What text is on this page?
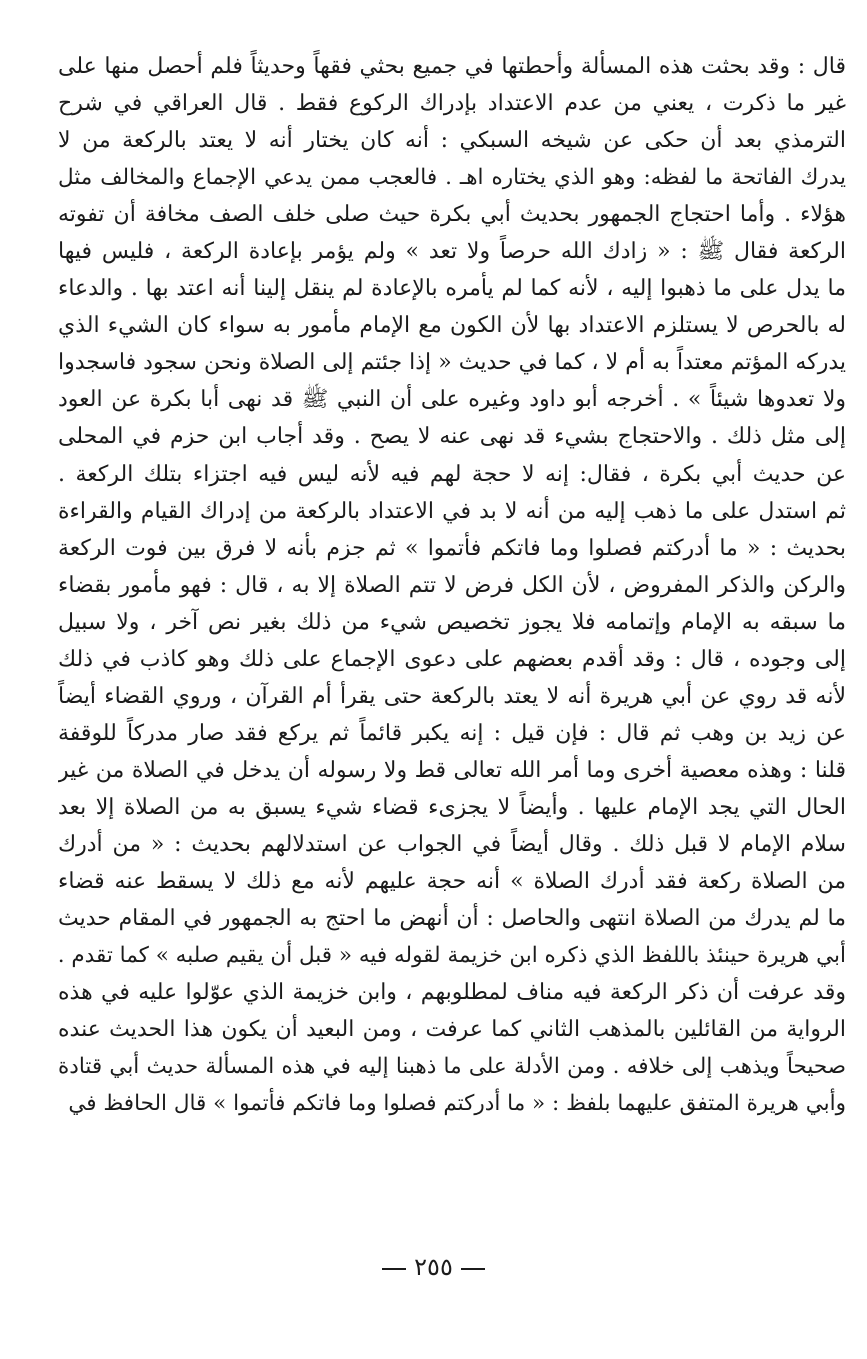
قال : وقد بحثت هذه المسألة وأحطتها في جميع بحثي فقهاً وحديثاً فلم أحصل منها على
غير ما ذكرت ، يعني من عدم الاعتداد بإدراك الركوع فقط . قال العراقي في شرح
الترمذي بعد أن حكى عن شيخه السبكي : أنه كان يختار أنه لا يعتد بالركعة من لا
يدرك الفاتحة ما لفظه: وهو الذي يختاره اهـ . فالعجب ممن يدعي الإجماع والمخالف مثل
هؤلاء . وأما احتجاج الجمهور بحديث أبي بكرة حيث صلى خلف الصف مخافة أن تفوته
الركعة فقال ﷺ : « زادك الله حرصاً ولا تعد » ولم يؤمر بإعادة الركعة ، فليس فيها
ما يدل على ما ذهبوا إليه ، لأنه كما لم يأمره بالإعادة لم ينقل إلينا أنه اعتد بها . والدعاء
له بالحرص لا يستلزم الاعتداد بها لأن الكون مع الإمام مأمور به سواء كان الشيء الذي
يدركه المؤتم معتداً به أم لا ، كما في حديث « إذا جئتم إلى الصلاة ونحن سجود فاسجدوا
ولا تعدوها شيئاً » . أخرجه أبو داود وغيره على أن النبي ﷺ قد نهى أبا بكرة عن العود
إلى مثل ذلك . والاحتجاج بشيء قد نهى عنه لا يصح . وقد أجاب ابن حزم في المحلى
عن حديث أبي بكرة ، فقال: إنه لا حجة لهم فيه لأنه ليس فيه اجتزاء بتلك الركعة .
ثم استدل على ما ذهب إليه من أنه لا بد في الاعتداد بالركعة من إدراك القيام والقراءة
بحديث : « ما أدركتم فصلوا وما فاتكم فأتموا » ثم جزم بأنه لا فرق بين فوت الركعة
والركن والذكر المفروض ، لأن الكل فرض لا تتم الصلاة إلا به ، قال : فهو مأمور بقضاء
ما سبقه به الإمام وإتمامه فلا يجوز تخصيص شيء من ذلك بغير نص آخر ، ولا سبيل
إلى وجوده ، قال : وقد أقدم بعضهم على دعوى الإجماع على ذلك وهو كاذب في ذلك
لأنه قد روي عن أبي هريرة أنه لا يعتد بالركعة حتى يقرأ أم القرآن ، وروي القضاء أيضاً
عن زيد بن وهب ثم قال : فإن قيل : إنه يكبر قائماً ثم يركع فقد صار مدركاً للوقفة
قلنا : وهذه معصية أخرى وما أمر الله تعالى قط ولا رسوله أن يدخل في الصلاة من غير
الحال التي يجد الإمام عليها . وأيضاً لا يجزىء قضاء شيء يسبق به من الصلاة إلا بعد
سلام الإمام لا قبل ذلك . وقال أيضاً في الجواب عن استدلالهم بحديث : « من أدرك
من الصلاة ركعة فقد أدرك الصلاة » أنه حجة عليهم لأنه مع ذلك لا يسقط عنه قضاء
ما لم يدرك من الصلاة انتهى والحاصل : أن أنهض ما احتج به الجمهور في المقام حديث
أبي هريرة حينئذ باللفظ الذي ذكره ابن خزيمة لقوله فيه « قبل أن يقيم صلبه » كما تقدم .
وقد عرفت أن ذكر الركعة فيه مناف لمطلوبهم ، وابن خزيمة الذي عوّلوا عليه في هذه
الرواية من القائلين بالمذهب الثاني كما عرفت ، ومن البعيد أن يكون هذا الحديث عنده
صحيحاً ويذهب إلى خلافه . ومن الأدلة على ما ذهبنا إليه في هذه المسألة حديث أبي قتادة
وأبي هريرة المتفق عليهما بلفظ : « ما أدركتم فصلوا وما فاتكم فأتموا » قال الحافظ في
٢٥٥
